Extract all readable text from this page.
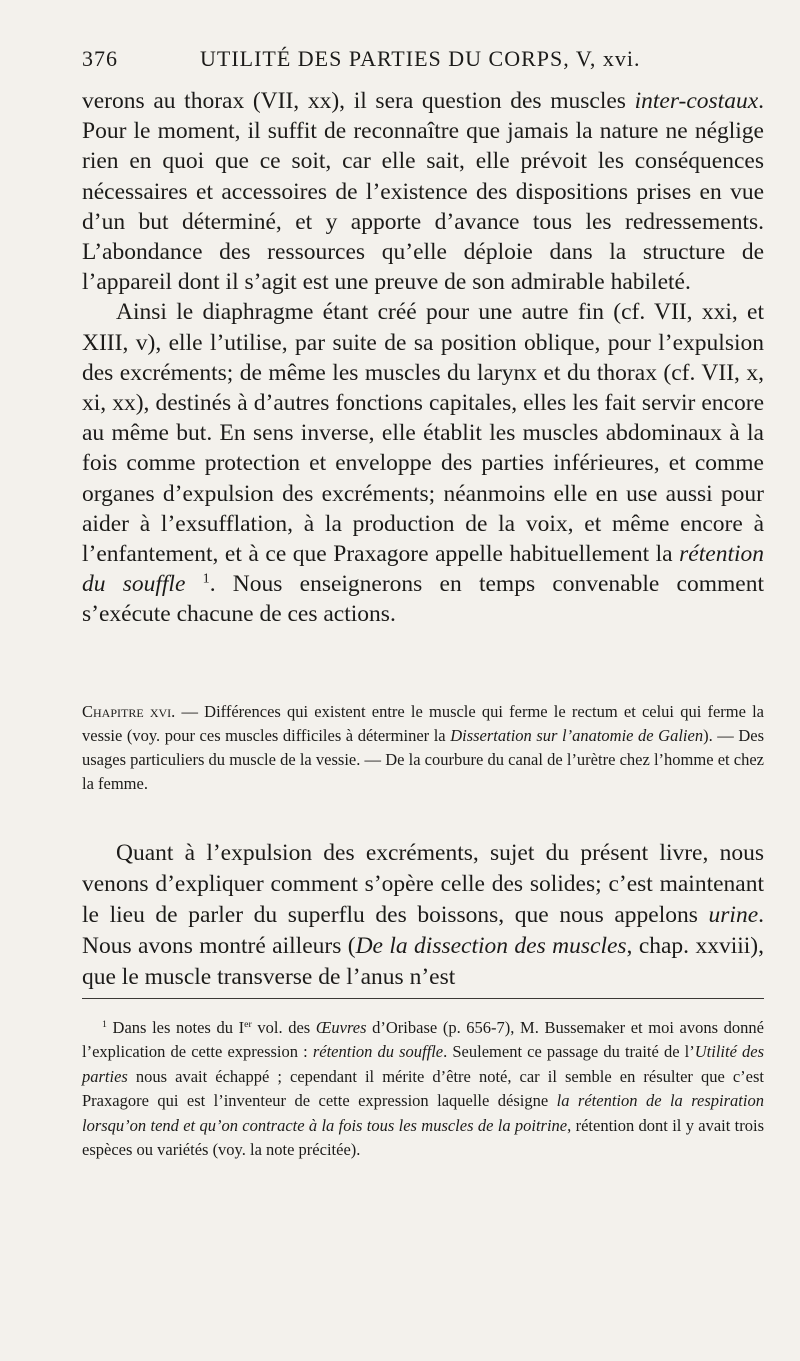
376	UTILITÉ DES PARTIES DU CORPS, V, xvi.

verons au thorax (VII, xx), il sera question des muscles inter-costaux. Pour le moment, il suffit de reconnaître que jamais la nature ne néglige rien en quoi que ce soit, car elle sait, elle prévoit les conséquences nécessaires et accessoires de l’existence des dispositions prises en vue d’un but déterminé, et y apporte d’avance tous les redressements. L’abondance des ressources qu’elle déploie dans la structure de l’appareil dont il s’agit est une preuve de son admirable habileté.

Ainsi le diaphragme étant créé pour une autre fin (cf. VII, xxi, et XIII, v), elle l’utilise, par suite de sa position oblique, pour l’expulsion des excréments; de même les muscles du larynx et du thorax (cf. VII, x, xi, xx), destinés à d’autres fonctions capitales, elles les fait servir encore au même but. En sens inverse, elle établit les muscles abdominaux à la fois comme protection et enveloppe des parties inférieures, et comme organes d’expulsion des excréments; néanmoins elle en use aussi pour aider à l’exsufflation, à la production de la voix, et même encore à l’enfantement, et à ce que Praxagore appelle habituellement la rétention du souffle $^1$. Nous enseignerons en temps convenable comment s’exécute chacune de ces actions.

Chapitre xvi. — Différences qui existent entre le muscle qui ferme le rectum et celui qui ferme la vessie (voy. pour ces muscles difficiles à déterminer la Dissertation sur l’anatomie de Galien). — Des usages particuliers du muscle de la vessie. — De la courbure du canal de l’urètre chez l’homme et chez la femme.

Quant à l’expulsion des excréments, sujet du présent livre, nous venons d’expliquer comment s’opère celle des solides; c’est maintenant le lieu de parler du superflu des boissons, que nous appelons urine. Nous avons montré ailleurs (De la dissection des muscles, chap. xxviii), que le muscle transverse de l’anus n’est

$^1$ Dans les notes du Ier vol. des Œuvres d’Oribase (p. 656-7), M. Bussemaker et moi avons donné l’explication de cette expression : rétention du souffle. Seulement ce passage du traité de l’Utilité des parties nous avait échappé ; cependant il mérite d’être noté, car il semble en résulter que c’est Praxagore qui est l’inventeur de cette expression laquelle désigne la rétention de la respiration lorsqu’on tend et qu’on contracte à la fois tous les muscles de la poitrine, rétention dont il y avait trois espèces ou variétés (voy. la note précitée).
